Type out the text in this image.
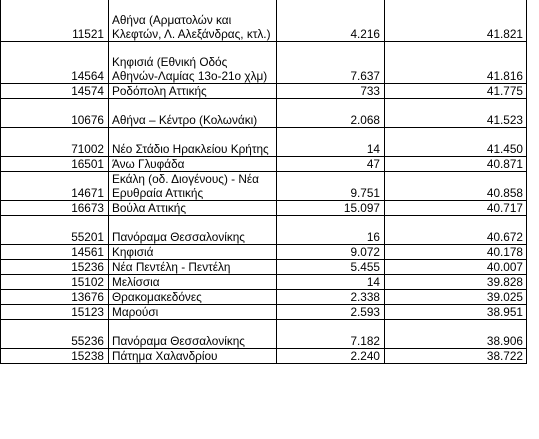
11521	Αθήνα (Αρματολών και Κλεφτών, Λ. Αλεξάνδρας, κτλ.)	4.216	41.821
14564	Κηφισιά (Εθνική Οδός Αθηνών-Λαμίας 13ο-21ο χλμ)	7.637	41.816
14574	Ροδόπολη Αττικής	733	41.775
10676	Αθήνα – Κέντρο (Κολωνάκι)	2.068	41.523
71002	Νέο Στάδιο Ηρακλείου Κρήτης	14	41.450
16501	Άνω Γλυφάδα	47	40.871
14671	Εκάλη (οδ. Διογένους) - Νέα Ερυθραία Αττικής	9.751	40.858
16673	Βούλα Αττικής	15.097	40.717
55201	Πανόραμα Θεσσαλονίκης	16	40.672
14561	Κηφισιά	9.072	40.178
15236	Νέα Πεντέλη - Πεντέλη	5.455	40.007
15102	Μελίσσια	14	39.828
13676	Θρακομακεδόνες	2.338	39.025
15123	Μαρούσι	2.593	38.951
55236	Πανόραμα Θεσσαλονίκης	7.182	38.906
15238	Πάτημα Χαλανδρίου	2.240	38.722
